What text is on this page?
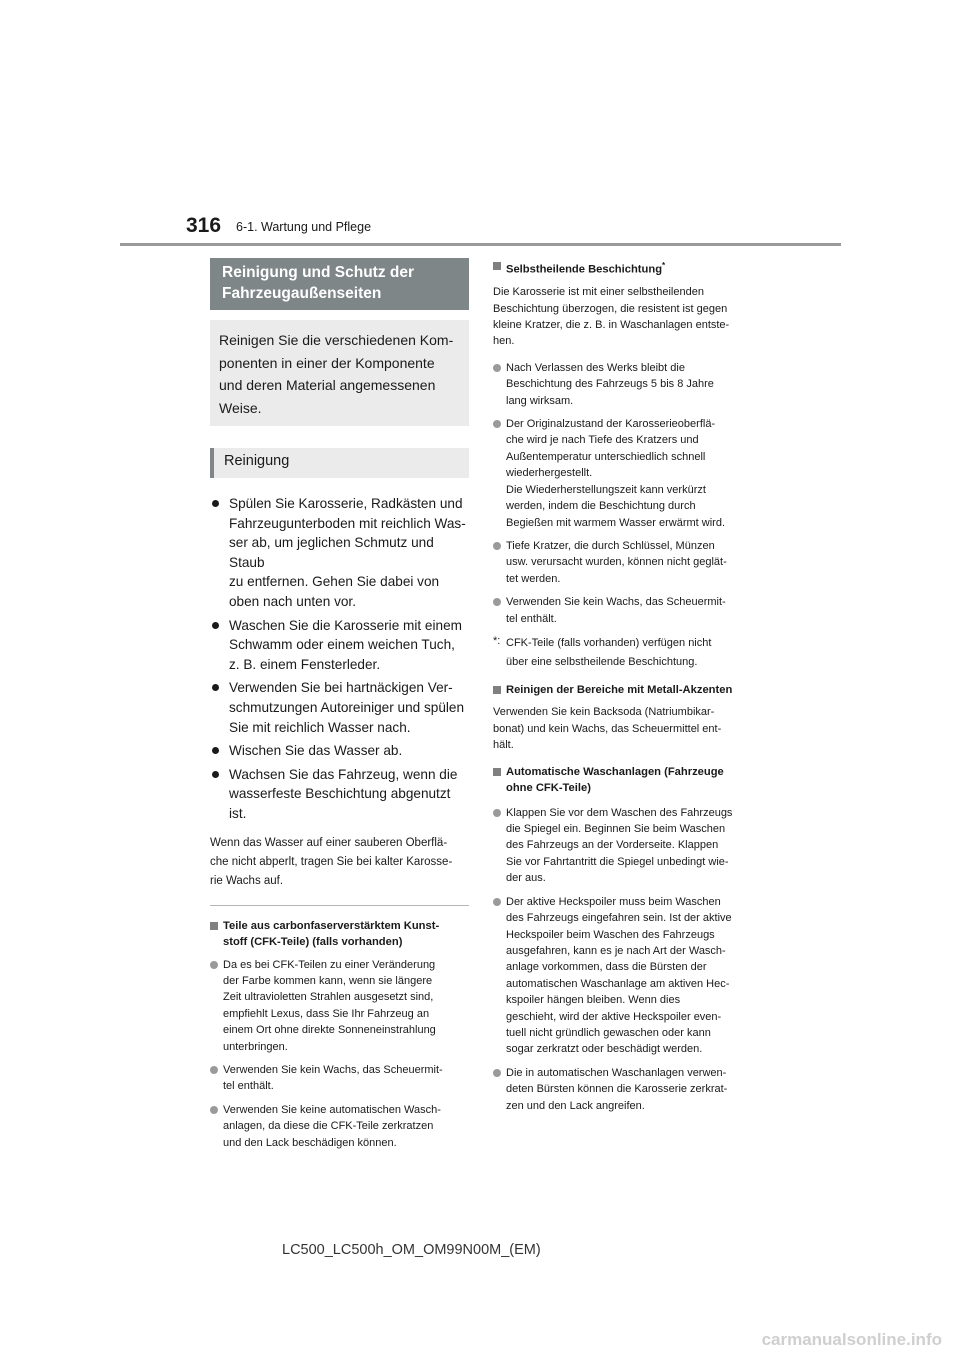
316 6-1. Wartung und Pflege
Reinigung und Schutz der
Fahrzeugaußenseiten
Reinigen Sie die verschiedenen Kom-
ponenten in einer der Komponente
und deren Material angemessenen
Weise.
Reinigung
Spülen Sie Karosserie, Radkästen und
Fahrzeugunterboden mit reichlich Was-
ser ab, um jeglichen Schmutz und Staub
zu entfernen. Gehen Sie dabei von
oben nach unten vor.
Waschen Sie die Karosserie mit einem
Schwamm oder einem weichen Tuch,
z. B. einem Fensterleder.
Verwenden Sie bei hartnäckigen Ver-
schmutzungen Autoreiniger und spülen
Sie mit reichlich Wasser nach.
Wischen Sie das Wasser ab.
Wachsen Sie das Fahrzeug, wenn die
wasserfeste Beschichtung abgenutzt
ist.
Wenn das Wasser auf einer sauberen Oberflä-
che nicht abperlt, tragen Sie bei kalter Karosse-
rie Wachs auf.
Teile aus carbonfaserverstärktem Kunst-
stoff (CFK-Teile) (falls vorhanden)
Da es bei CFK-Teilen zu einer Veränderung
der Farbe kommen kann, wenn sie längere
Zeit ultravioletten Strahlen ausgesetzt sind,
empfiehlt Lexus, dass Sie Ihr Fahrzeug an
einem Ort ohne direkte Sonneneinstrahlung
unterbringen.
Verwenden Sie kein Wachs, das Scheuermit-
tel enthält.
Verwenden Sie keine automatischen Wasch-
anlagen, da diese die CFK-Teile zerkratzen
und den Lack beschädigen können.
Selbstheilende Beschichtung*
Die Karosserie ist mit einer selbstheilenden
Beschichtung überzogen, die resistent ist gegen
kleine Kratzer, die z. B. in Waschanlagen entste-
hen.
Nach Verlassen des Werks bleibt die
Beschichtung des Fahrzeugs 5 bis 8 Jahre
lang wirksam.
Der Originalzustand der Karosserieoberflä-
che wird je nach Tiefe des Kratzers und
Außentemperatur unterschiedlich schnell
wiederhergestellt.
Die Wiederherstellungszeit kann verkürzt
werden, indem die Beschichtung durch
Begießen mit warmem Wasser erwärmt wird.
Tiefe Kratzer, die durch Schlüssel, Münzen
usw. verursacht wurden, können nicht geglät-
tet werden.
Verwenden Sie kein Wachs, das Scheuermit-
tel enthält.
*: CFK-Teile (falls vorhanden) verfügen nicht
über eine selbstheilende Beschichtung.
Reinigen der Bereiche mit Metall-Akzenten
Verwenden Sie kein Backsoda (Natriumbikar-
bonat) und kein Wachs, das Scheuermittel ent-
hält.
Automatische Waschanlagen (Fahrzeuge
ohne CFK-Teile)
Klappen Sie vor dem Waschen des Fahrzeugs
die Spiegel ein. Beginnen Sie beim Waschen
des Fahrzeugs an der Vorderseite. Klappen
Sie vor Fahrtantritt die Spiegel unbedingt wie-
der aus.
Der aktive Heckspoiler muss beim Waschen
des Fahrzeugs eingefahren sein. Ist der aktive
Heckspoiler beim Waschen des Fahrzeugs
ausgefahren, kann es je nach Art der Wasch-
anlage vorkommen, dass die Bürsten der
automatischen Waschanlage am aktiven Hec-
kspoiler hängen bleiben. Wenn dies
geschieht, wird der aktive Heckspoiler even-
tuell nicht gründlich gewaschen oder kann
sogar zerkratzt oder beschädigt werden.
Die in automatischen Waschanlagen verwen-
deten Bürsten können die Karosserie zerkrat-
zen und den Lack angreifen.
LC500_LC500h_OM_OM99N00M_(EM)
carmanualsonline.info
